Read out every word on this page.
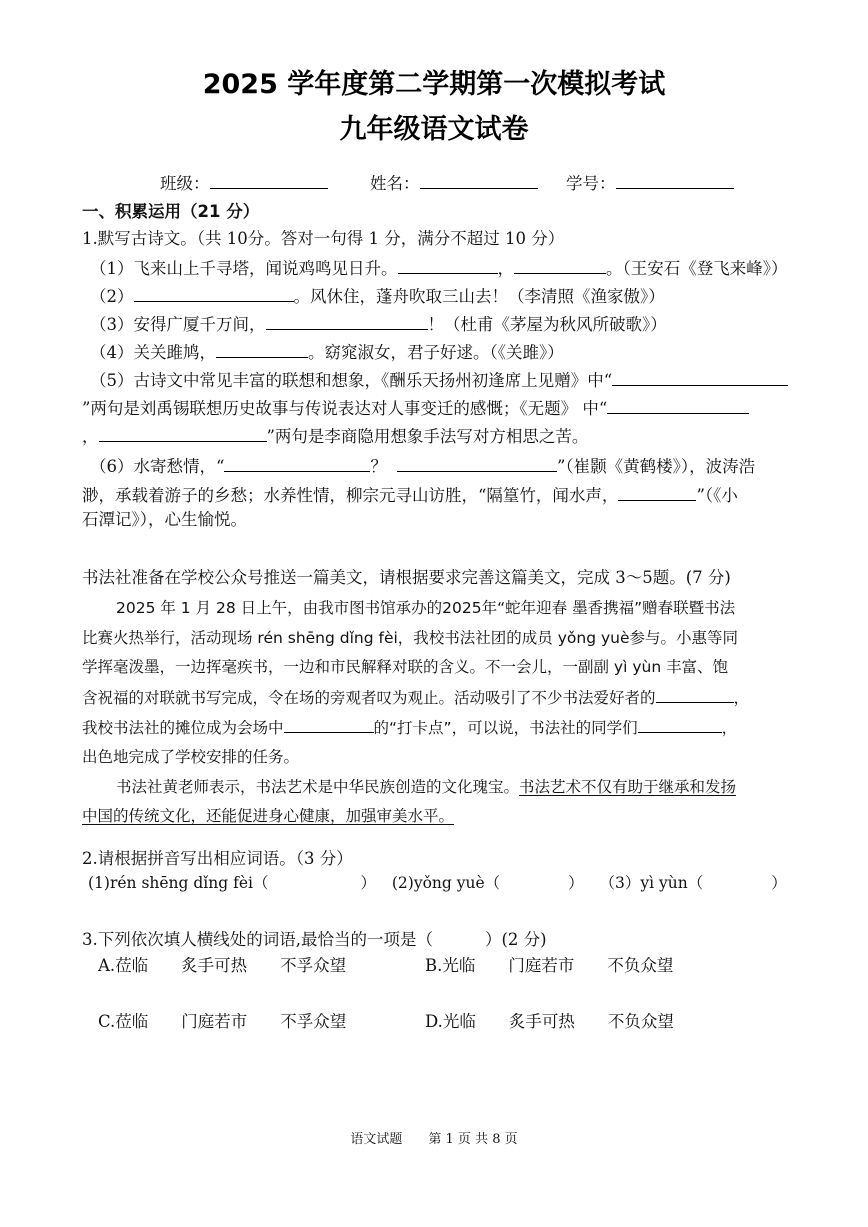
2025 学年度第二学期第一次模拟考试
九年级语文试卷
班级：	姓名：	学号：
一、积累运用（21 分）
1.默写古诗文。（共 10分。答对一句得 1 分，满分不超过 10 分）
（1）飞来山上千寻塔，闻说鸡鸣见日升。	，	。（王安石《登飞来峰》）
（2）	。风休住，蓬舟吹取三山去！（李清照《渔家傲》）
（3）安得广厦千万间，	！（杜甫《茅屋为秋风所破歌》）
（4）关关雎鸠，	。窈窕淑女，君子好逑。（《关雎》）
（5）古诗文中常见丰富的联想和想象，《酬乐天扬州初逢席上见赠》中“
”两句是刘禹锡联想历史故事与传说表达对人事变迁的感慨；《无题》 中“
，	”两句是李商隐用想象手法写对方相思之苦。
（6）水寄愁情，“	？	”（崔颢《黄鹤楼》），波涛浩
渺，承载着游子的乡愁；水养性情，柳宗元寻山访胜，“隔篁竹，闻水声，	”（《小
石潭记》），心生愉悦。
书法社准备在学校公众号推送一篇美文，请根据要求完善这篇美文，完成 3～5题。(7 分)
2025 年 1 月 28 日上午，由我市图书馆承办的2025年“蛇年迎春 墨香携福”赠春联暨书法
比赛火热举行，活动现场 rén shēng dǐng fèi，我校书法社团的成员 yǒng yuè参与。小惠等同
学挥毫泼墨，一边挥毫疾书，一边和市民解释对联的含义。不一会儿，一副副 yì yùn 丰富、饱
含祝福的对联就书写完成，令在场的旁观者叹为观止。活动吸引了不少书法爱好者的	，
我校书法社的摊位成为会场中	的“打卡点”，可以说，书法社的同学们	，
出色地完成了学校安排的任务。
书法社黄老师表示，书法艺术是中华民族创造的文化瑰宝。书法艺术不仅有助于继承和发扬
中国的传统文化，还能促进身心健康，加强审美水平。
2.请根据拼音写出相应词语。（3 分）
(1)rén shēng dǐng fèi（	） (2)yǒng yuè（	） （3）yì yùn（	）
3.下列依次填人横线处的词语,最恰当的一项是（	）(2 分)
A.莅临　　炙手可热　　不孚众望	B.光临　　门庭若市　　不负众望
C.莅临　　门庭若市　　不孚众望	D.光临　　炙手可热　　不负众望
语文试题　　第 1 页 共 8 页
